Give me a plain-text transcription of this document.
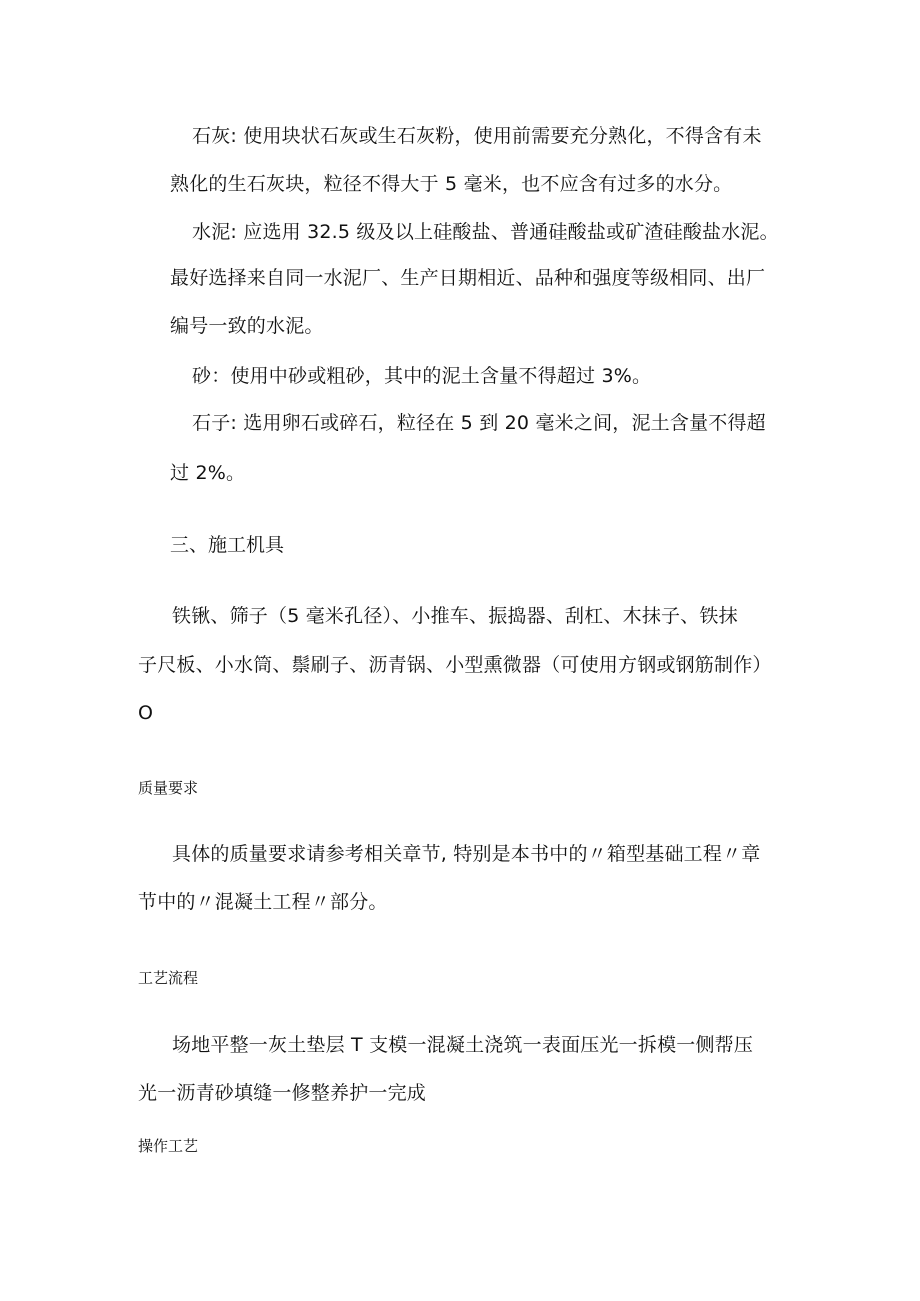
石灰: 使用块状石灰或生石灰粉，使用前需要充分熟化，不得含有未
熟化的生石灰块，粒径不得大于 5 毫米，也不应含有过多的水分。
水泥: 应选用 32.5 级及以上硅酸盐、普通硅酸盐或矿渣硅酸盐水泥。
最好选择来自同一水泥厂、生产日期相近、品种和强度等级相同、出厂
编号一致的水泥。
砂：使用中砂或粗砂，其中的泥土含量不得超过 3%。
石子: 选用卵石或碎石，粒径在 5 到 20 毫米之间，泥土含量不得超
过 2%。
三、施工机具
铁锹、筛子（5 毫米孔径）、小推车、振捣器、刮杠、木抹子、铁抹
子尺板、小水筒、鬃刷子、沥青锅、小型熏微器（可使用方钢或钢筋制作）
O
质量要求
具体的质量要求请参考相关章节, 特别是本书中的〃箱型基础工程〃章
节中的〃混凝土工程〃部分。
工艺流程
场地平整一灰土垫层 T 支模一混凝土浇筑一表面压光一拆模一侧帮压
光一沥青砂填缝一修整养护一完成
操作工艺
